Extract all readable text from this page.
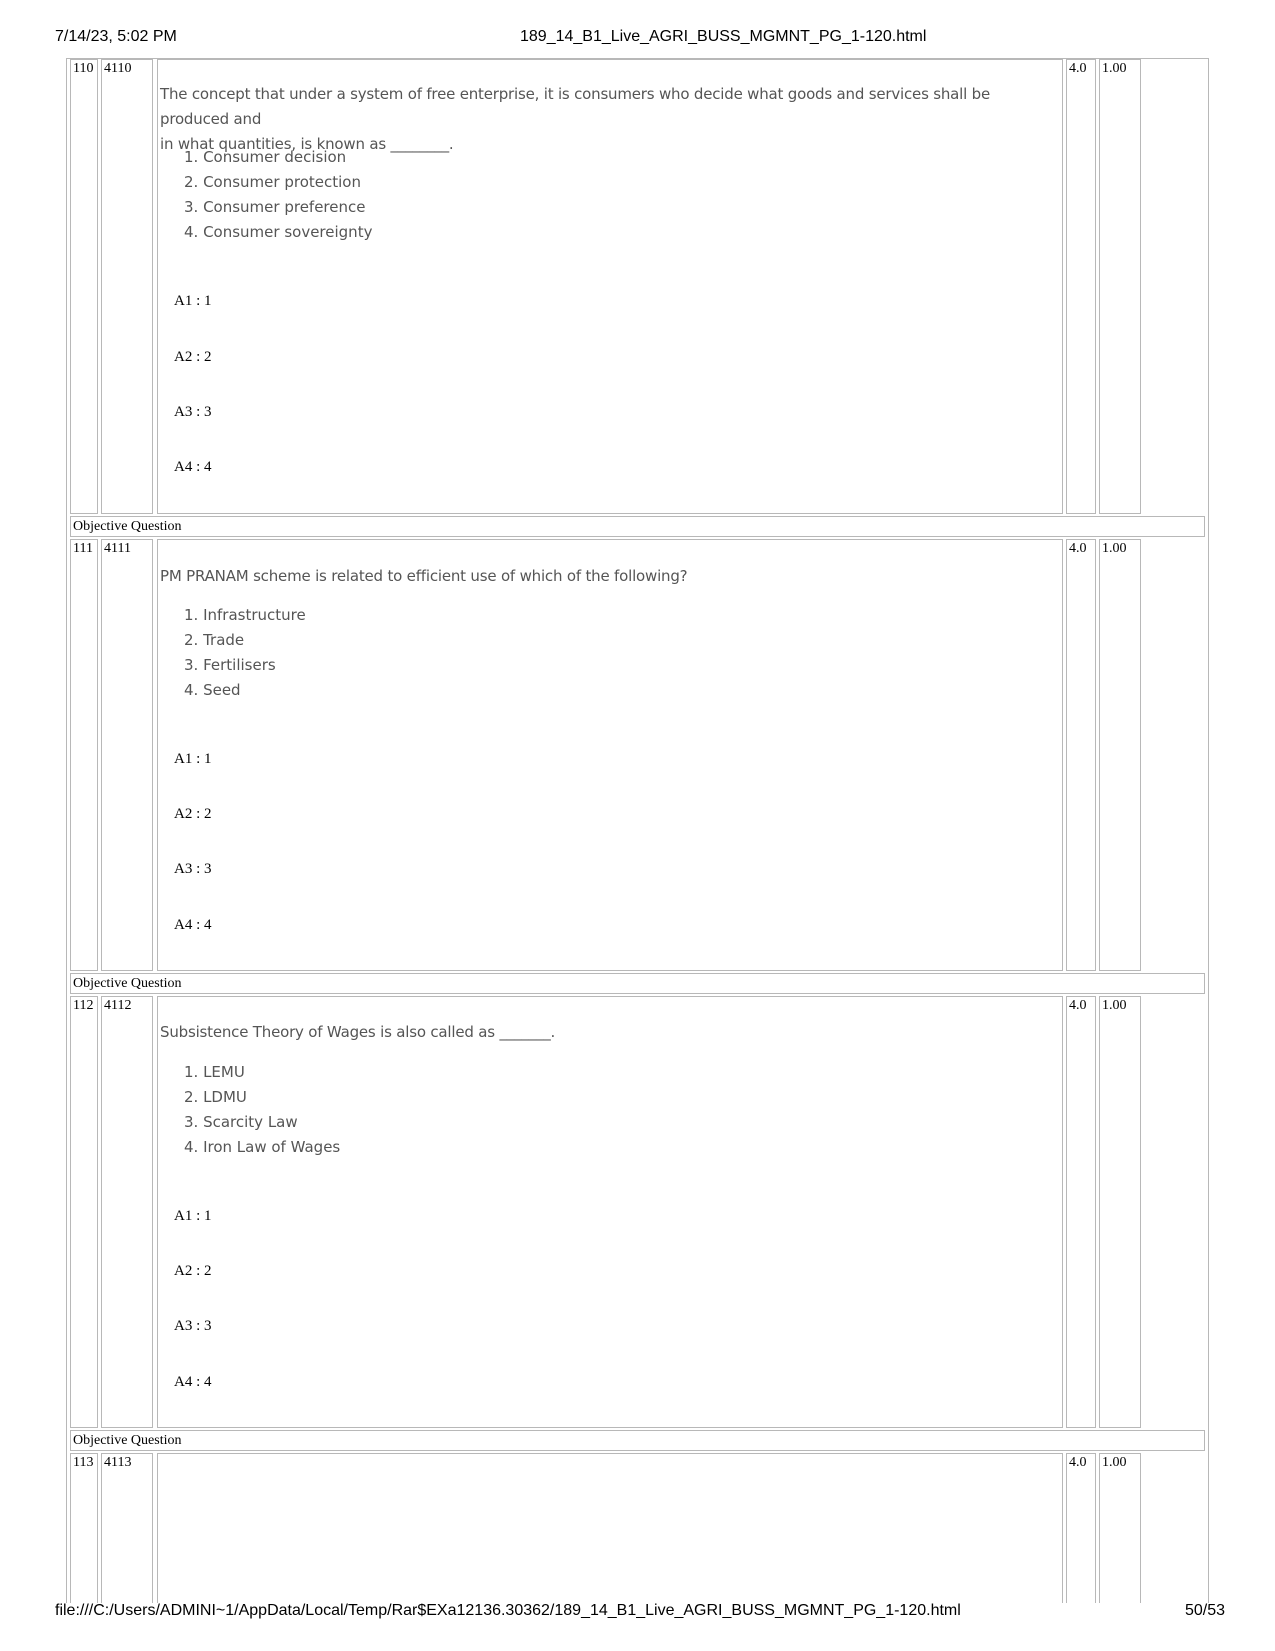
7/14/23, 5:02 PM	189_14_B1_Live_AGRI_BUSS_MGMNT_PG_1-120.html
110 4110	4.0	1.00
The concept that under a system of free enterprise, it is consumers who decide what goods and services shall be produced and
in what quantities, is known as ________.
1. Consumer decision
2. Consumer protection
3. Consumer preference
4. Consumer sovereignty
A1 : 1
A2 : 2
A3 : 3
A4 : 4
Objective Question
111 4111	4.0	1.00
PM PRANAM scheme is related to efficient use of which of the following?
1. Infrastructure
2. Trade
3. Fertilisers
4. Seed
A1 : 1
A2 : 2
A3 : 3
A4 : 4
Objective Question
112 4112	4.0	1.00
Subsistence Theory of Wages is also called as _______.
1. LEMU
2. LDMU
3. Scarcity Law
4. Iron Law of Wages
A1 : 1
A2 : 2
A3 : 3
A4 : 4
Objective Question
113 4113	4.0	1.00
file:///C:/Users/ADMINI~1/AppData/Local/Temp/Rar$EXa12136.30362/189_14_B1_Live_AGRI_BUSS_MGMNT_PG_1-120.html	50/53
